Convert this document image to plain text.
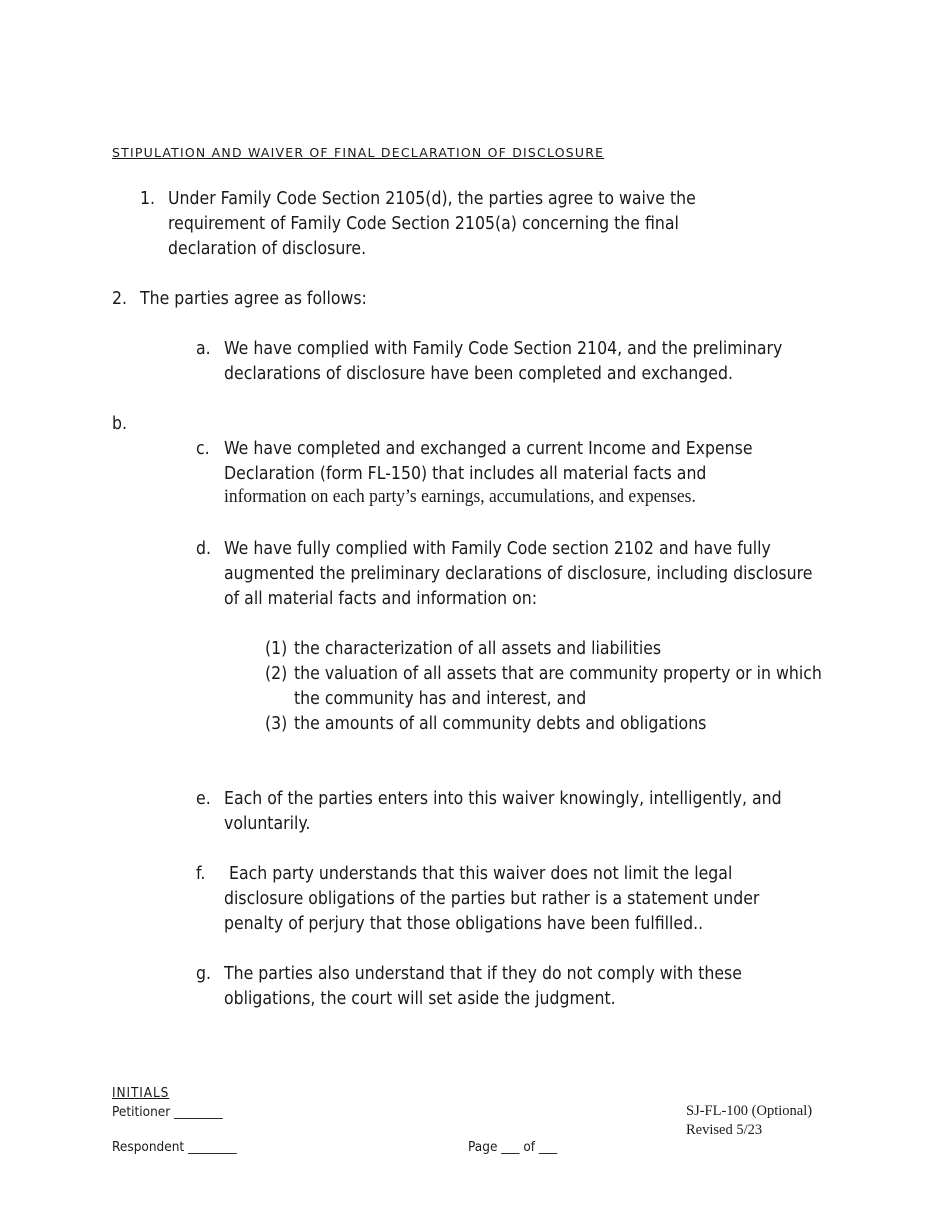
STIPULATION AND WAIVER OF FINAL DECLARATION OF DISCLOSURE
1. Under Family Code Section 2105(d), the parties agree to waive the requirement of Family Code Section 2105(a) concerning the final declaration of disclosure.
2. The parties agree as follows:
a. We have complied with Family Code Section 2104, and the preliminary declarations of disclosure have been completed and exchanged.
b.
c. We have completed and exchanged a current Income and Expense
Declaration (form FL-150) that includes all material facts and
information on each party’s earnings, accumulations, and expenses.
d. We have fully complied with Family Code section 2102 and have fully augmented the preliminary declarations of disclosure, including disclosure of all material facts and information on:
(1) the characterization of all assets and liabilities
(2) the valuation of all assets that are community property or in which the community has and interest, and
(3) the amounts of all community debts and obligations
e. Each of the parties enters into this waiver knowingly, intelligently, and voluntarily.
f. Each party understands that this waiver does not limit the legal disclosure obligations of the parties but rather is a statement under penalty of perjury that those obligations have been fulfilled..
g. The parties also understand that if they do not comply with these obligations, the court will set aside the judgment.
INITIALS
Petitioner ________
Respondent ________	Page ___ of ___
SJ-FL-100 (Optional)
Revised 5/23
